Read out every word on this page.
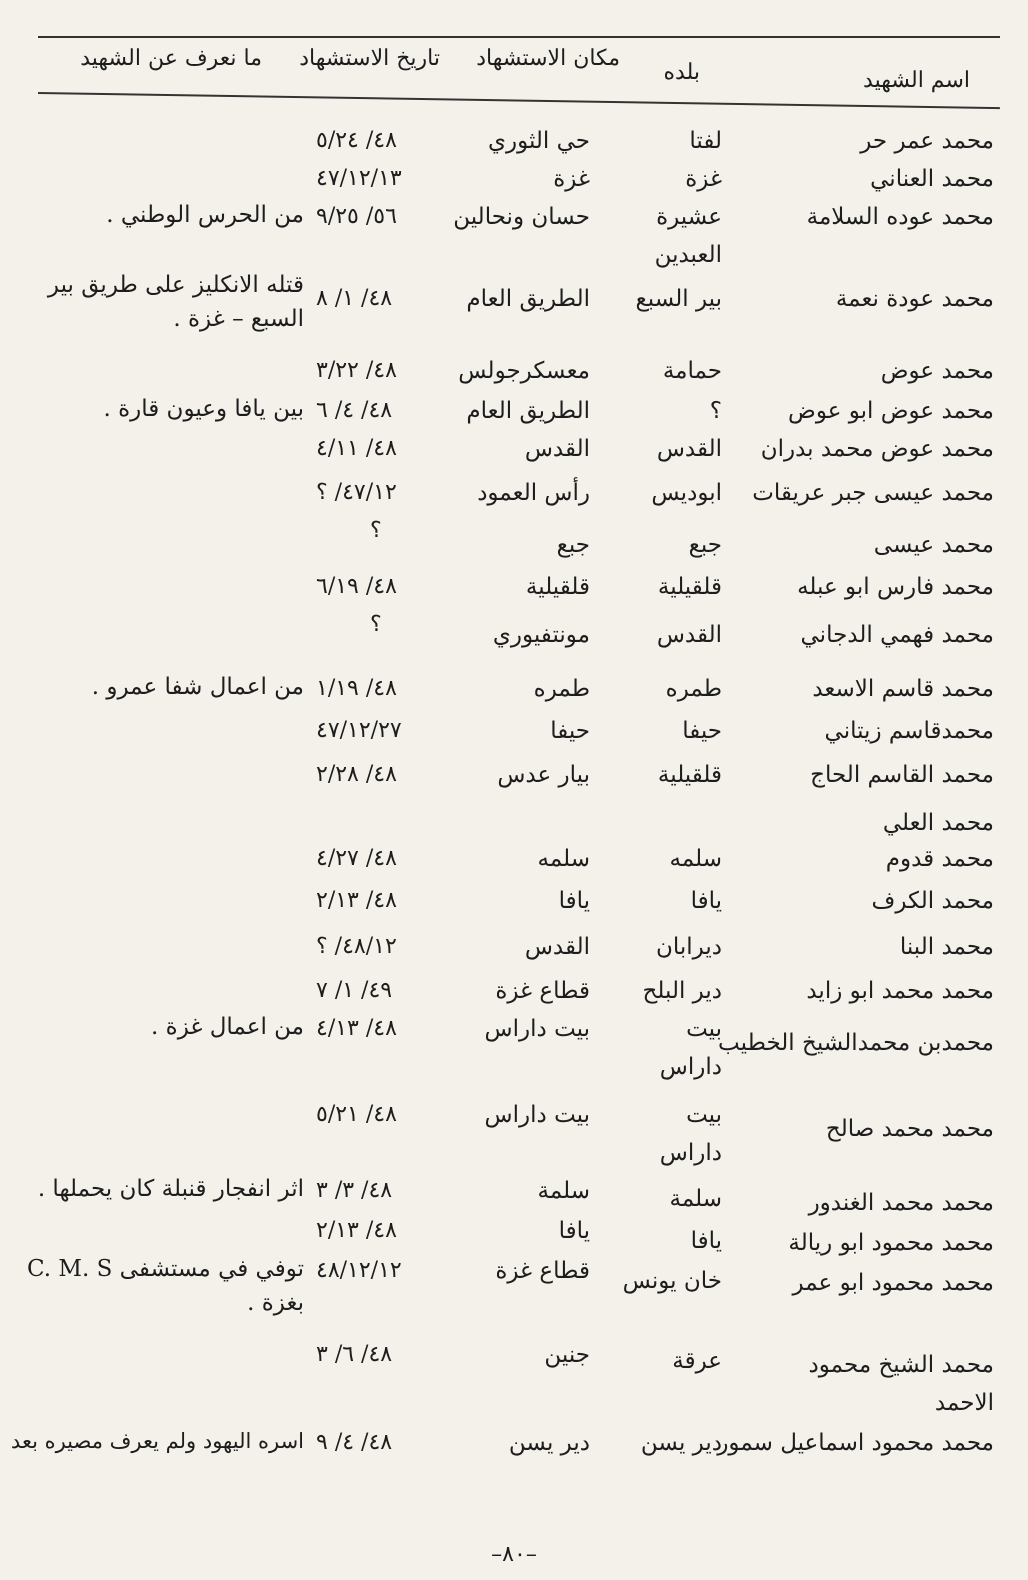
اسم الشهيد
بلده
مكان الاستشهاد
تاريخ الاستشهاد
ما نعرف عن الشهيد
محمد عمر حر
لفتا
حي الثوري
٤٨/ ٥/٢٤
محمد العناني
غزة
غزة
٤٧/١٢/١٣
محمد عوده السلامة
عشيرة العبدين
حسان ونحالين
٥٦/ ٩/٢٥
من الحرس الوطني .
محمد عودة نعمة
بير السبع
الطريق العام
٤٨/ ١/ ٨
قتله الانكليز على طريق بير السبع – غزة .
محمد عوض
حمامة
معسكرجولس
٤٨/ ٣/٢٢
محمد عوض ابو عوض
؟
الطريق العام
٤٨/ ٤/ ٦
بين يافا وعيون قارة .
محمد عوض محمد بدران
القدس
القدس
٤٨/ ٤/١١
محمد عيسى جبر عريقات
ابوديس
رأس العمود
٤٧/١٢/ ؟
محمد عيسى
جبع
جبع
؟
محمد فارس ابو عبله
قلقيلية
قلقيلية
٤٨/ ٦/١٩
محمد فهمي الدجاني
القدس
مونتفيوري
؟
محمد قاسم الاسعد
طمره
طمره
٤٨/ ١/١٩
من اعمال شفا عمرو .
محمدقاسم زيتاني
حيفا
حيفا
٤٧/١٢/٢٧
محمد القاسم الحاج
قلقيلية
بيار عدس
٤٨/ ٢/٢٨
محمد العلي
محمد قدوم
سلمه
سلمه
٤٨/ ٤/٢٧
محمد الكرف
يافا
يافا
٤٨/ ٢/١٣
محمد البنا
ديرابان
القدس
٤٨/١٢/ ؟
محمد محمد ابو زايد
دير البلح
قطاع غزة
٤٩/ ١/ ٧
محمدبن محمدالشيخ الخطيب
بيت داراس
بيت داراس
٤٨/ ٤/١٣
من اعمال غزة .
محمد محمد صالح
بيت داراس
بيت داراس
٤٨/ ٥/٢١
محمد محمد الغندور
سلمة
سلمة
٤٨/ ٣/ ٣
اثر انفجار قنبلة كان يحملها .
محمد محمود ابو ريالة
يافا
يافا
٤٨/ ٢/١٣
محمد محمود ابو عمر
خان يونس
قطاع غزة
٤٨/١٢/١٢
توفي في مستشفى C. M. S بغزة .
محمد الشيخ محمود الاحمد
عرقة
جنين
٤٨/ ٦/ ٣
محمد محمود اسماعيل سمور
دير يسن
دير يسن
٤٨/ ٤/ ٩
اسره اليهود ولم يعرف مصيره بعد
–٨٠–
